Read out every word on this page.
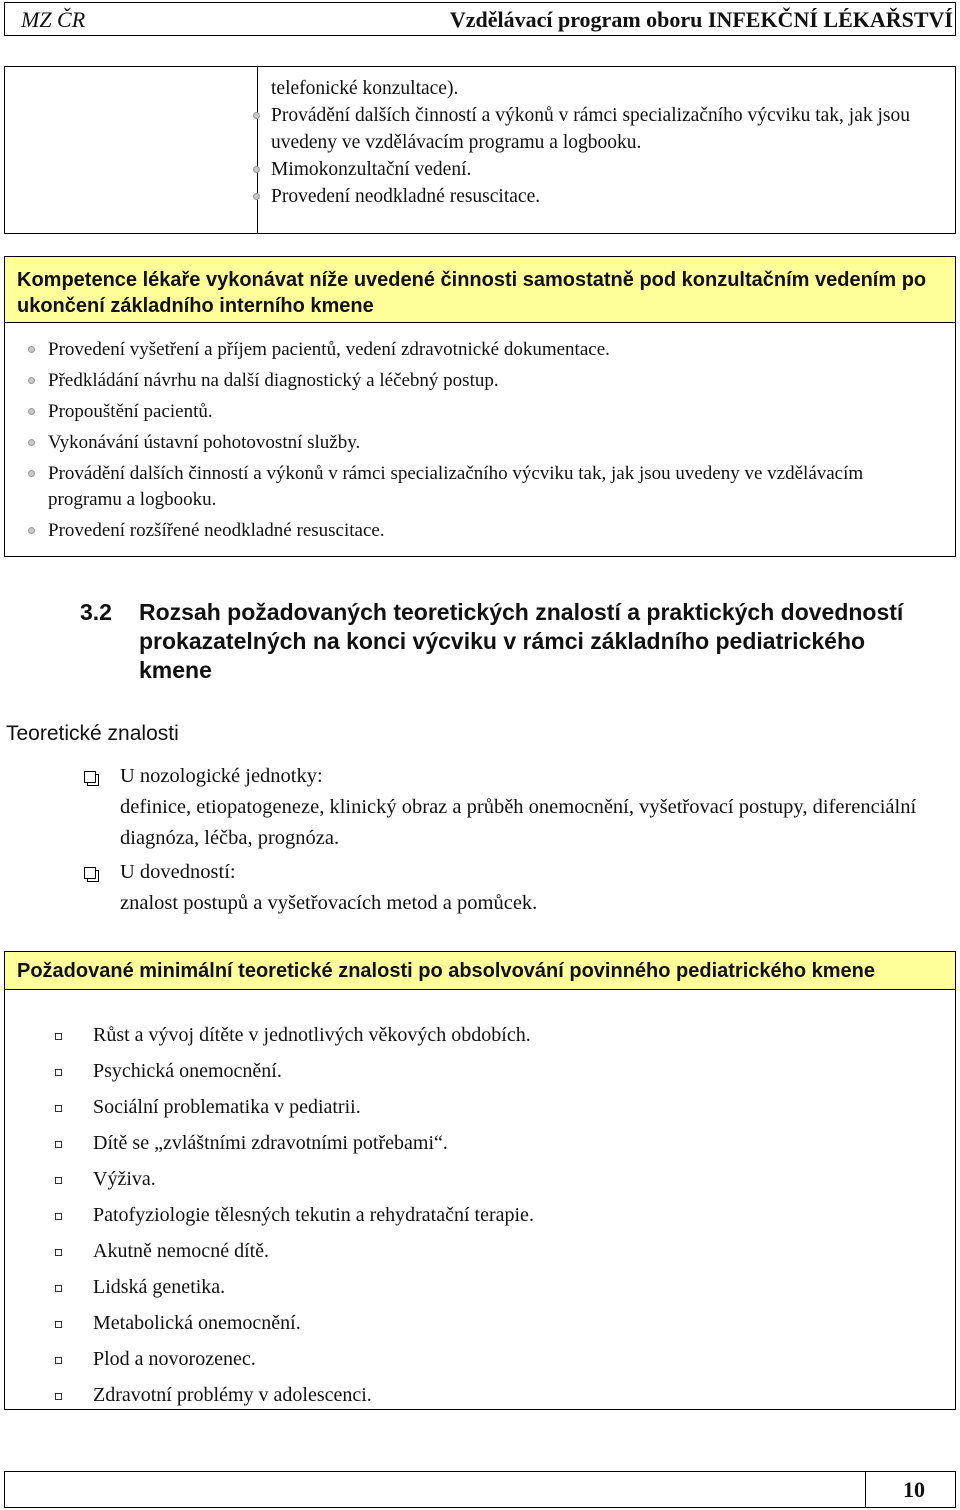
MZ ČR	Vzdělávací program oboru INFEKČNÍ LÉKAŘSTVÍ
telefonické konzultace).
Provádění dalších činností a výkonů v rámci specializačního výcviku tak, jak jsou uvedeny ve vzdělávacím programu a logbooku.
Mimokonzultační vedení.
Provedení neodkladné resuscitace.
Kompetence lékaře vykonávat níže uvedené činnosti samostatně pod konzultačním vedením po ukončení základního interního kmene
Provedení vyšetření a příjem pacientů, vedení zdravotnické dokumentace.
Předkládání návrhu na další diagnostický a léčebný postup.
Propouštění pacientů.
Vykonávání ústavní pohotovostní služby.
Provádění dalších činností a výkonů v rámci specializačního výcviku tak, jak jsou uvedeny ve vzdělávacím programu a logbooku.
Provedení rozšířené neodkladné resuscitace.
3.2 Rozsah požadovaných teoretických znalostí a praktických dovedností prokazatelných na konci výcviku v rámci základního pediatrického kmene
Teoretické znalosti
U nozologické jednotky:
definice, etiopatogeneze, klinický obraz a průběh onemocnění, vyšetřovací postupy, diferenciální diagnóza, léčba, prognóza.
U dovedností:
znalost postupů a vyšetřovacích metod a pomůcek.
Požadované minimální teoretické znalosti po absolvování povinného pediatrického kmene
Růst a vývoj dítěte v jednotlivých věkových obdobích.
Psychická onemocnění.
Sociální problematika v pediatrii.
Dítě se „zvláštními zdravotními potřebami“.
Výživa.
Patofyziologie tělesných tekutin a rehydratační terapie.
Akutně nemocné dítě.
Lidská genetika.
Metabolická onemocnění.
Plod a novorozenec.
Zdravotní problémy v adolescenci.
10
